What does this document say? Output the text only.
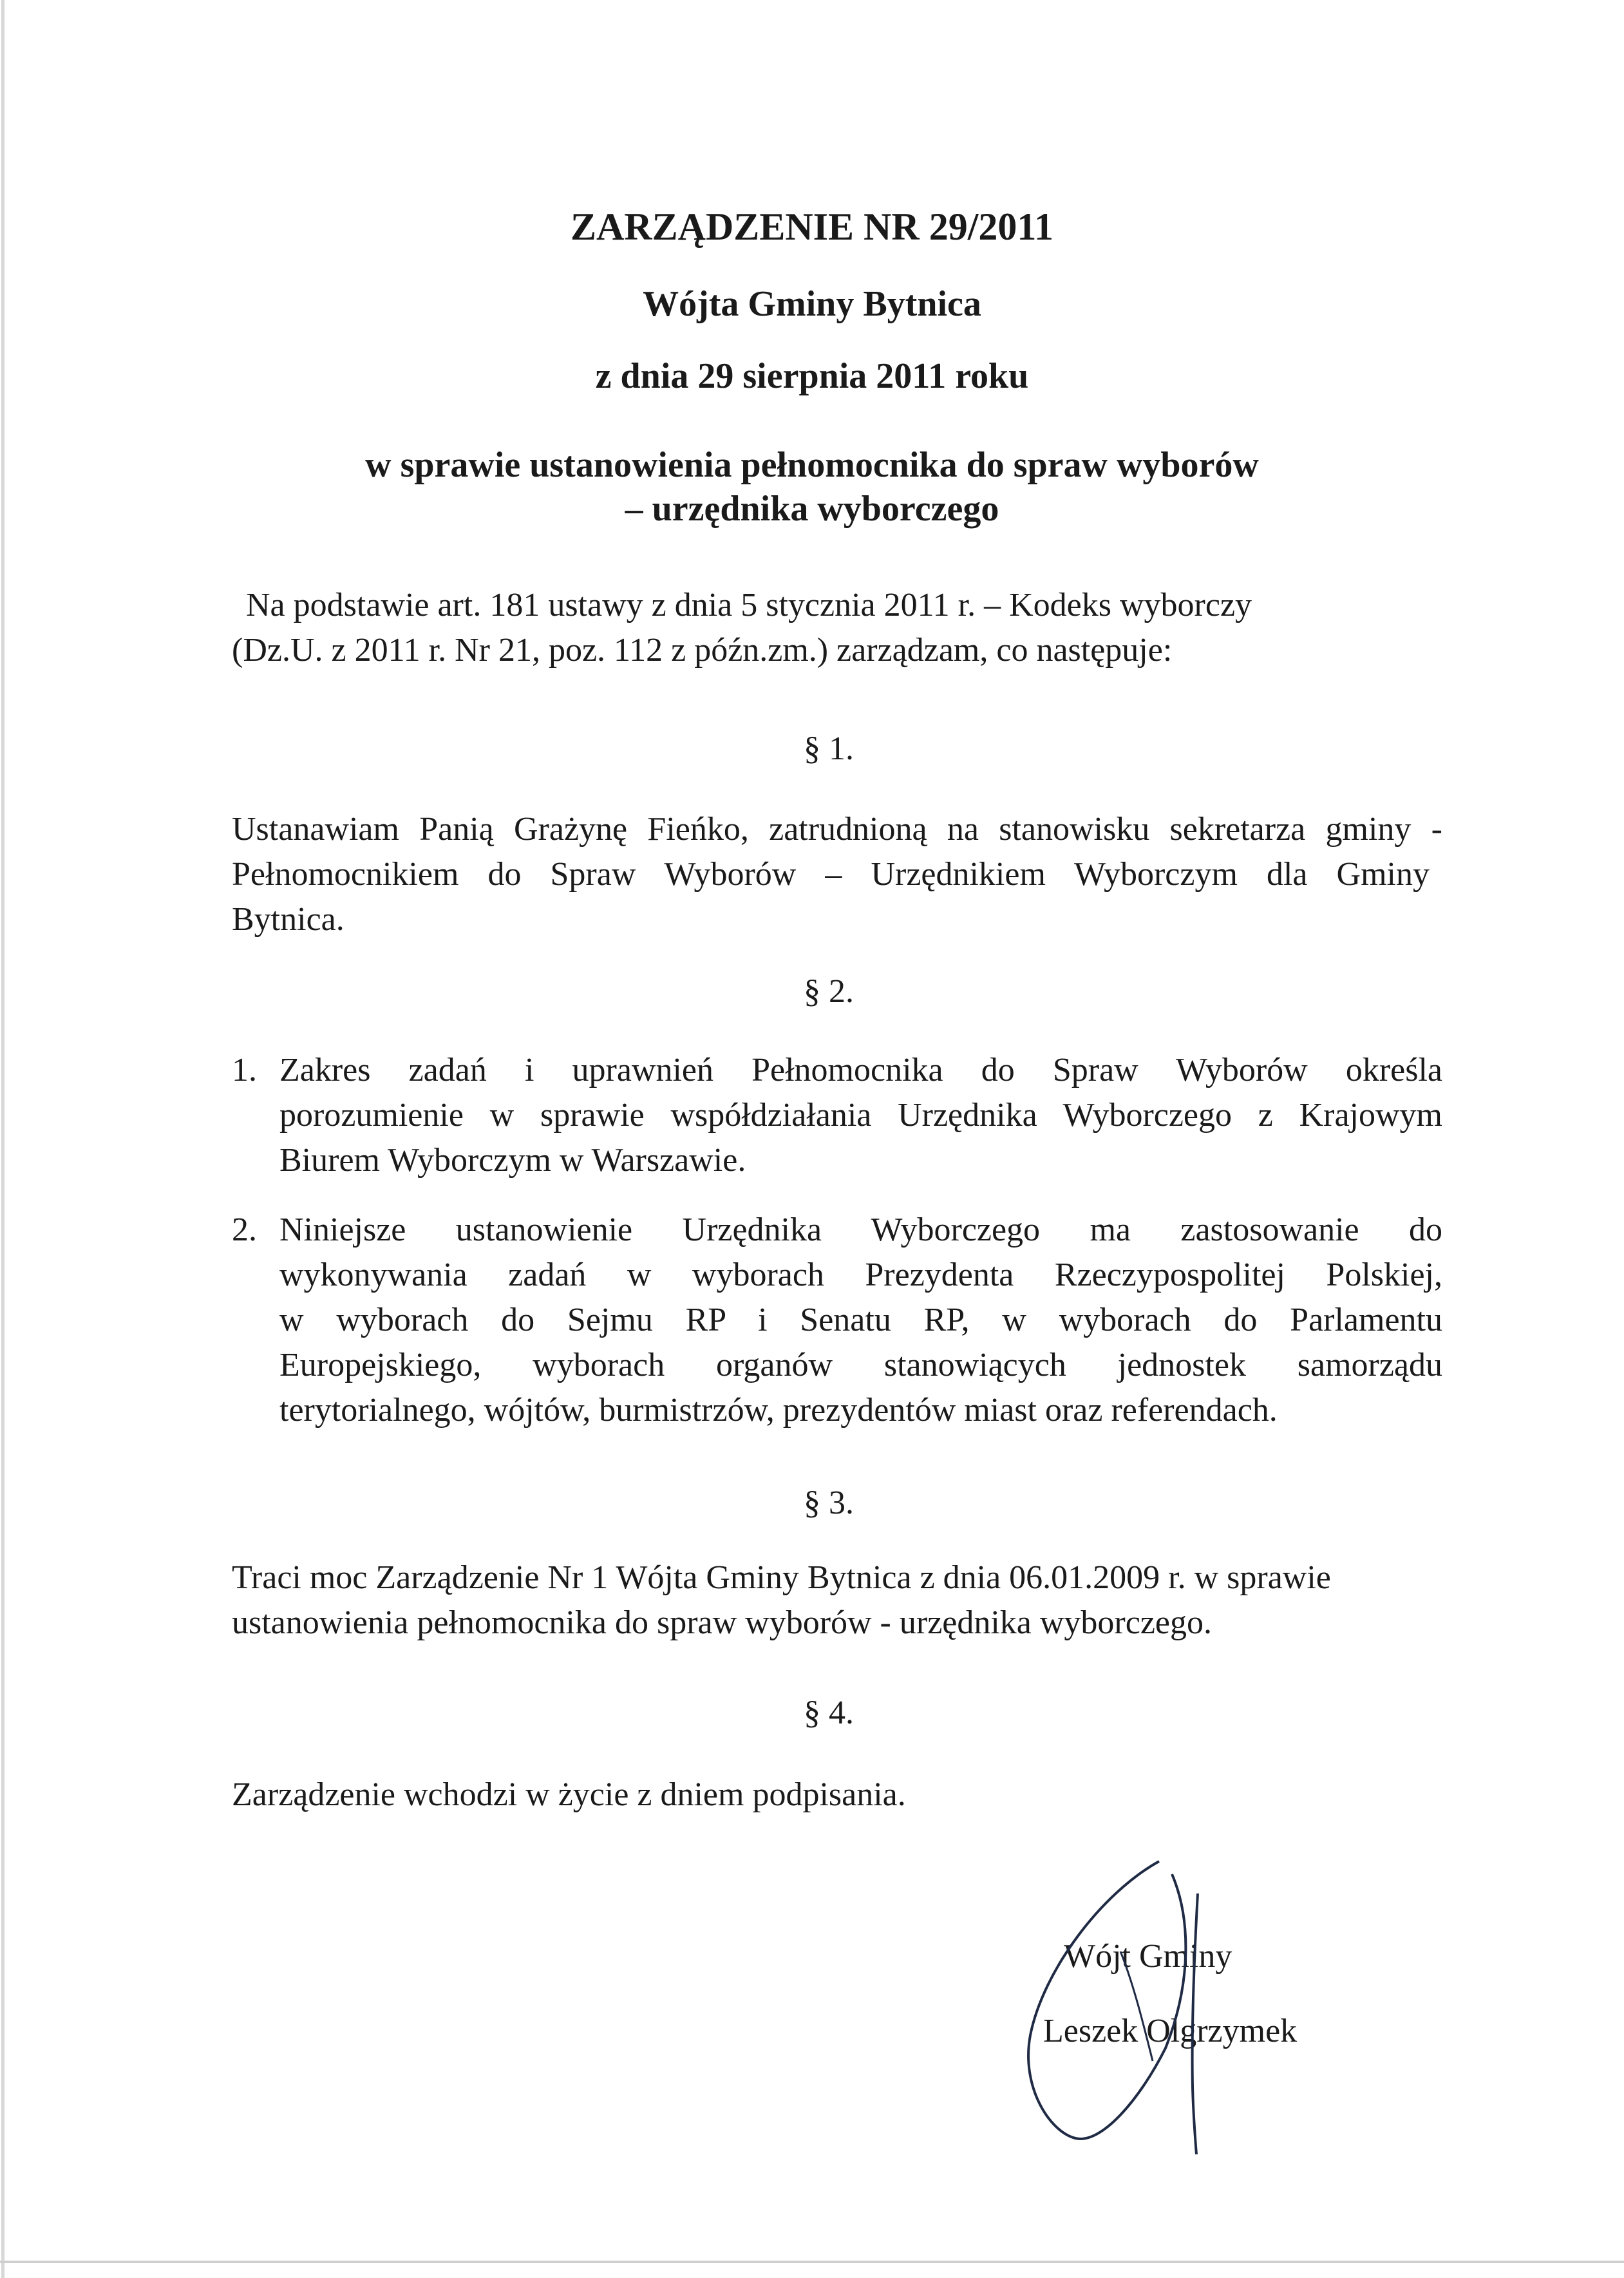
ZARZĄDZENIE NR 29/2011
Wójta Gminy Bytnica
z dnia 29 sierpnia 2011 roku
w sprawie ustanowienia pełnomocnika do spraw wyborów
– urzędnika wyborczego
Na podstawie art. 181 ustawy z dnia 5 stycznia 2011 r. – Kodeks wyborczy
(Dz.U. z 2011 r. Nr 21, poz. 112 z późn.zm.) zarządzam, co następuje:
§ 1.
Ustanawiam Panią Grażynę Fieńko, zatrudnioną na stanowisku sekretarza gminy -
Pełnomocnikiem do Spraw Wyborów – Urzędnikiem Wyborczym dla Gminy
Bytnica.
§ 2.
1. Zakres zadań i uprawnień Pełnomocnika do Spraw Wyborów określa
porozumienie w sprawie współdziałania Urzędnika Wyborczego z Krajowym
Biurem Wyborczym w Warszawie.
2. Niniejsze ustanowienie Urzędnika Wyborczego ma zastosowanie do
wykonywania zadań w wyborach Prezydenta Rzeczypospolitej Polskiej,
w wyborach do Sejmu RP i Senatu RP, w wyborach do Parlamentu
Europejskiego, wyborach organów stanowiących jednostek samorządu
terytorialnego, wójtów, burmistrzów, prezydentów miast oraz referendach.
§ 3.
Traci moc Zarządzenie Nr 1 Wójta Gminy Bytnica z dnia 06.01.2009 r. w sprawie
ustanowienia pełnomocnika do spraw wyborów - urzędnika wyborczego.
§ 4.
Zarządzenie wchodzi w życie z dniem podpisania.
Wójt Gminy
Leszek Olgrzymek
